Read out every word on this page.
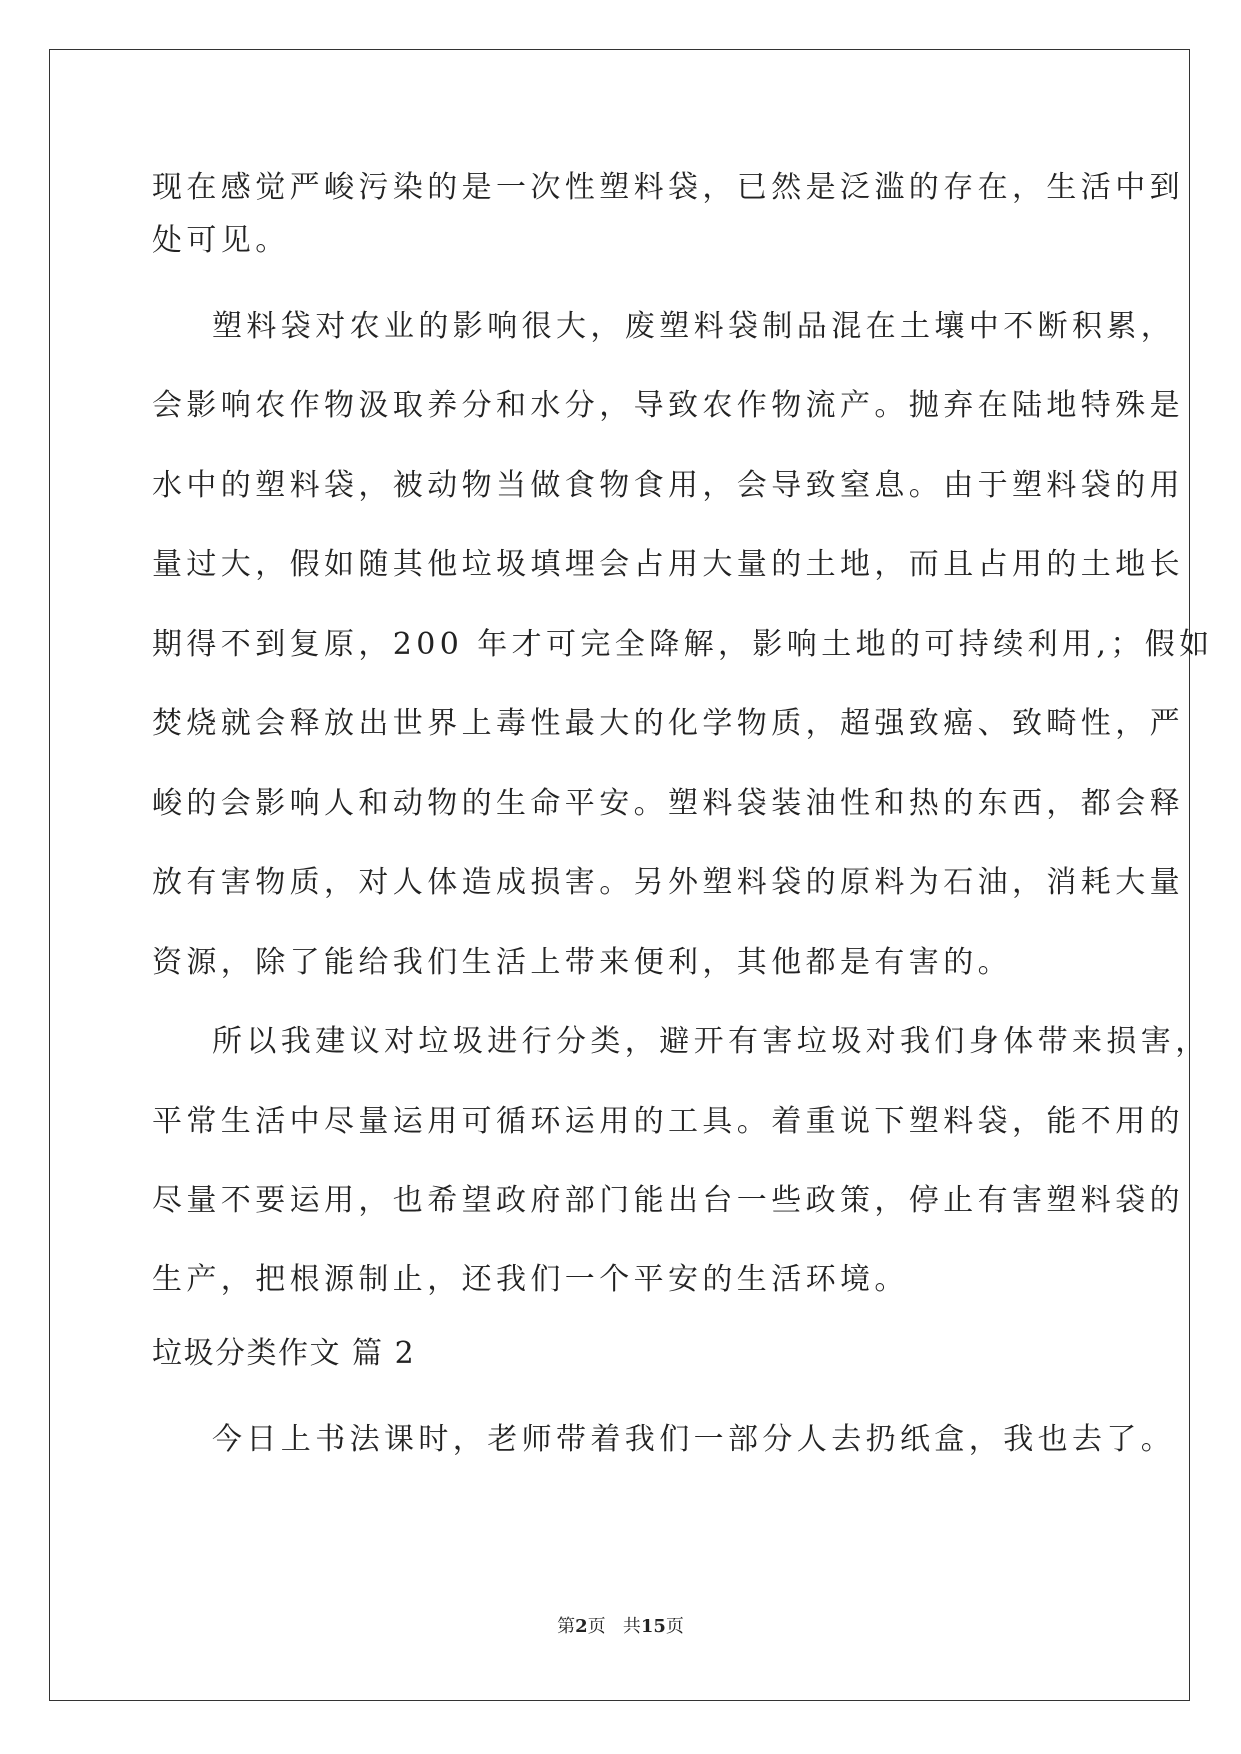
现在感觉严峻污染的是一次性塑料袋，已然是泛滥的存在，生活中到
处可见。
塑料袋对农业的影响很大，废塑料袋制品混在土壤中不断积累，
会影响农作物汲取养分和水分，导致农作物流产。抛弃在陆地特殊是
水中的塑料袋，被动物当做食物食用，会导致窒息。由于塑料袋的用
量过大，假如随其他垃圾填埋会占用大量的土地，而且占用的土地长
期得不到复原，200 年才可完全降解，影响土地的可持续利用,；假如
焚烧就会释放出世界上毒性最大的化学物质，超强致癌、致畸性，严
峻的会影响人和动物的生命平安。塑料袋装油性和热的东西，都会释
放有害物质，对人体造成损害。另外塑料袋的原料为石油，消耗大量
资源，除了能给我们生活上带来便利，其他都是有害的。
所以我建议对垃圾进行分类，避开有害垃圾对我们身体带来损害，
平常生活中尽量运用可循环运用的工具。着重说下塑料袋，能不用的
尽量不要运用，也希望政府部门能出台一些政策，停止有害塑料袋的
生产，把根源制止，还我们一个平安的生活环境。
垃圾分类作文 篇 2
今日上书法课时，老师带着我们一部分人去扔纸盒，我也去了。
第2页 共15页
